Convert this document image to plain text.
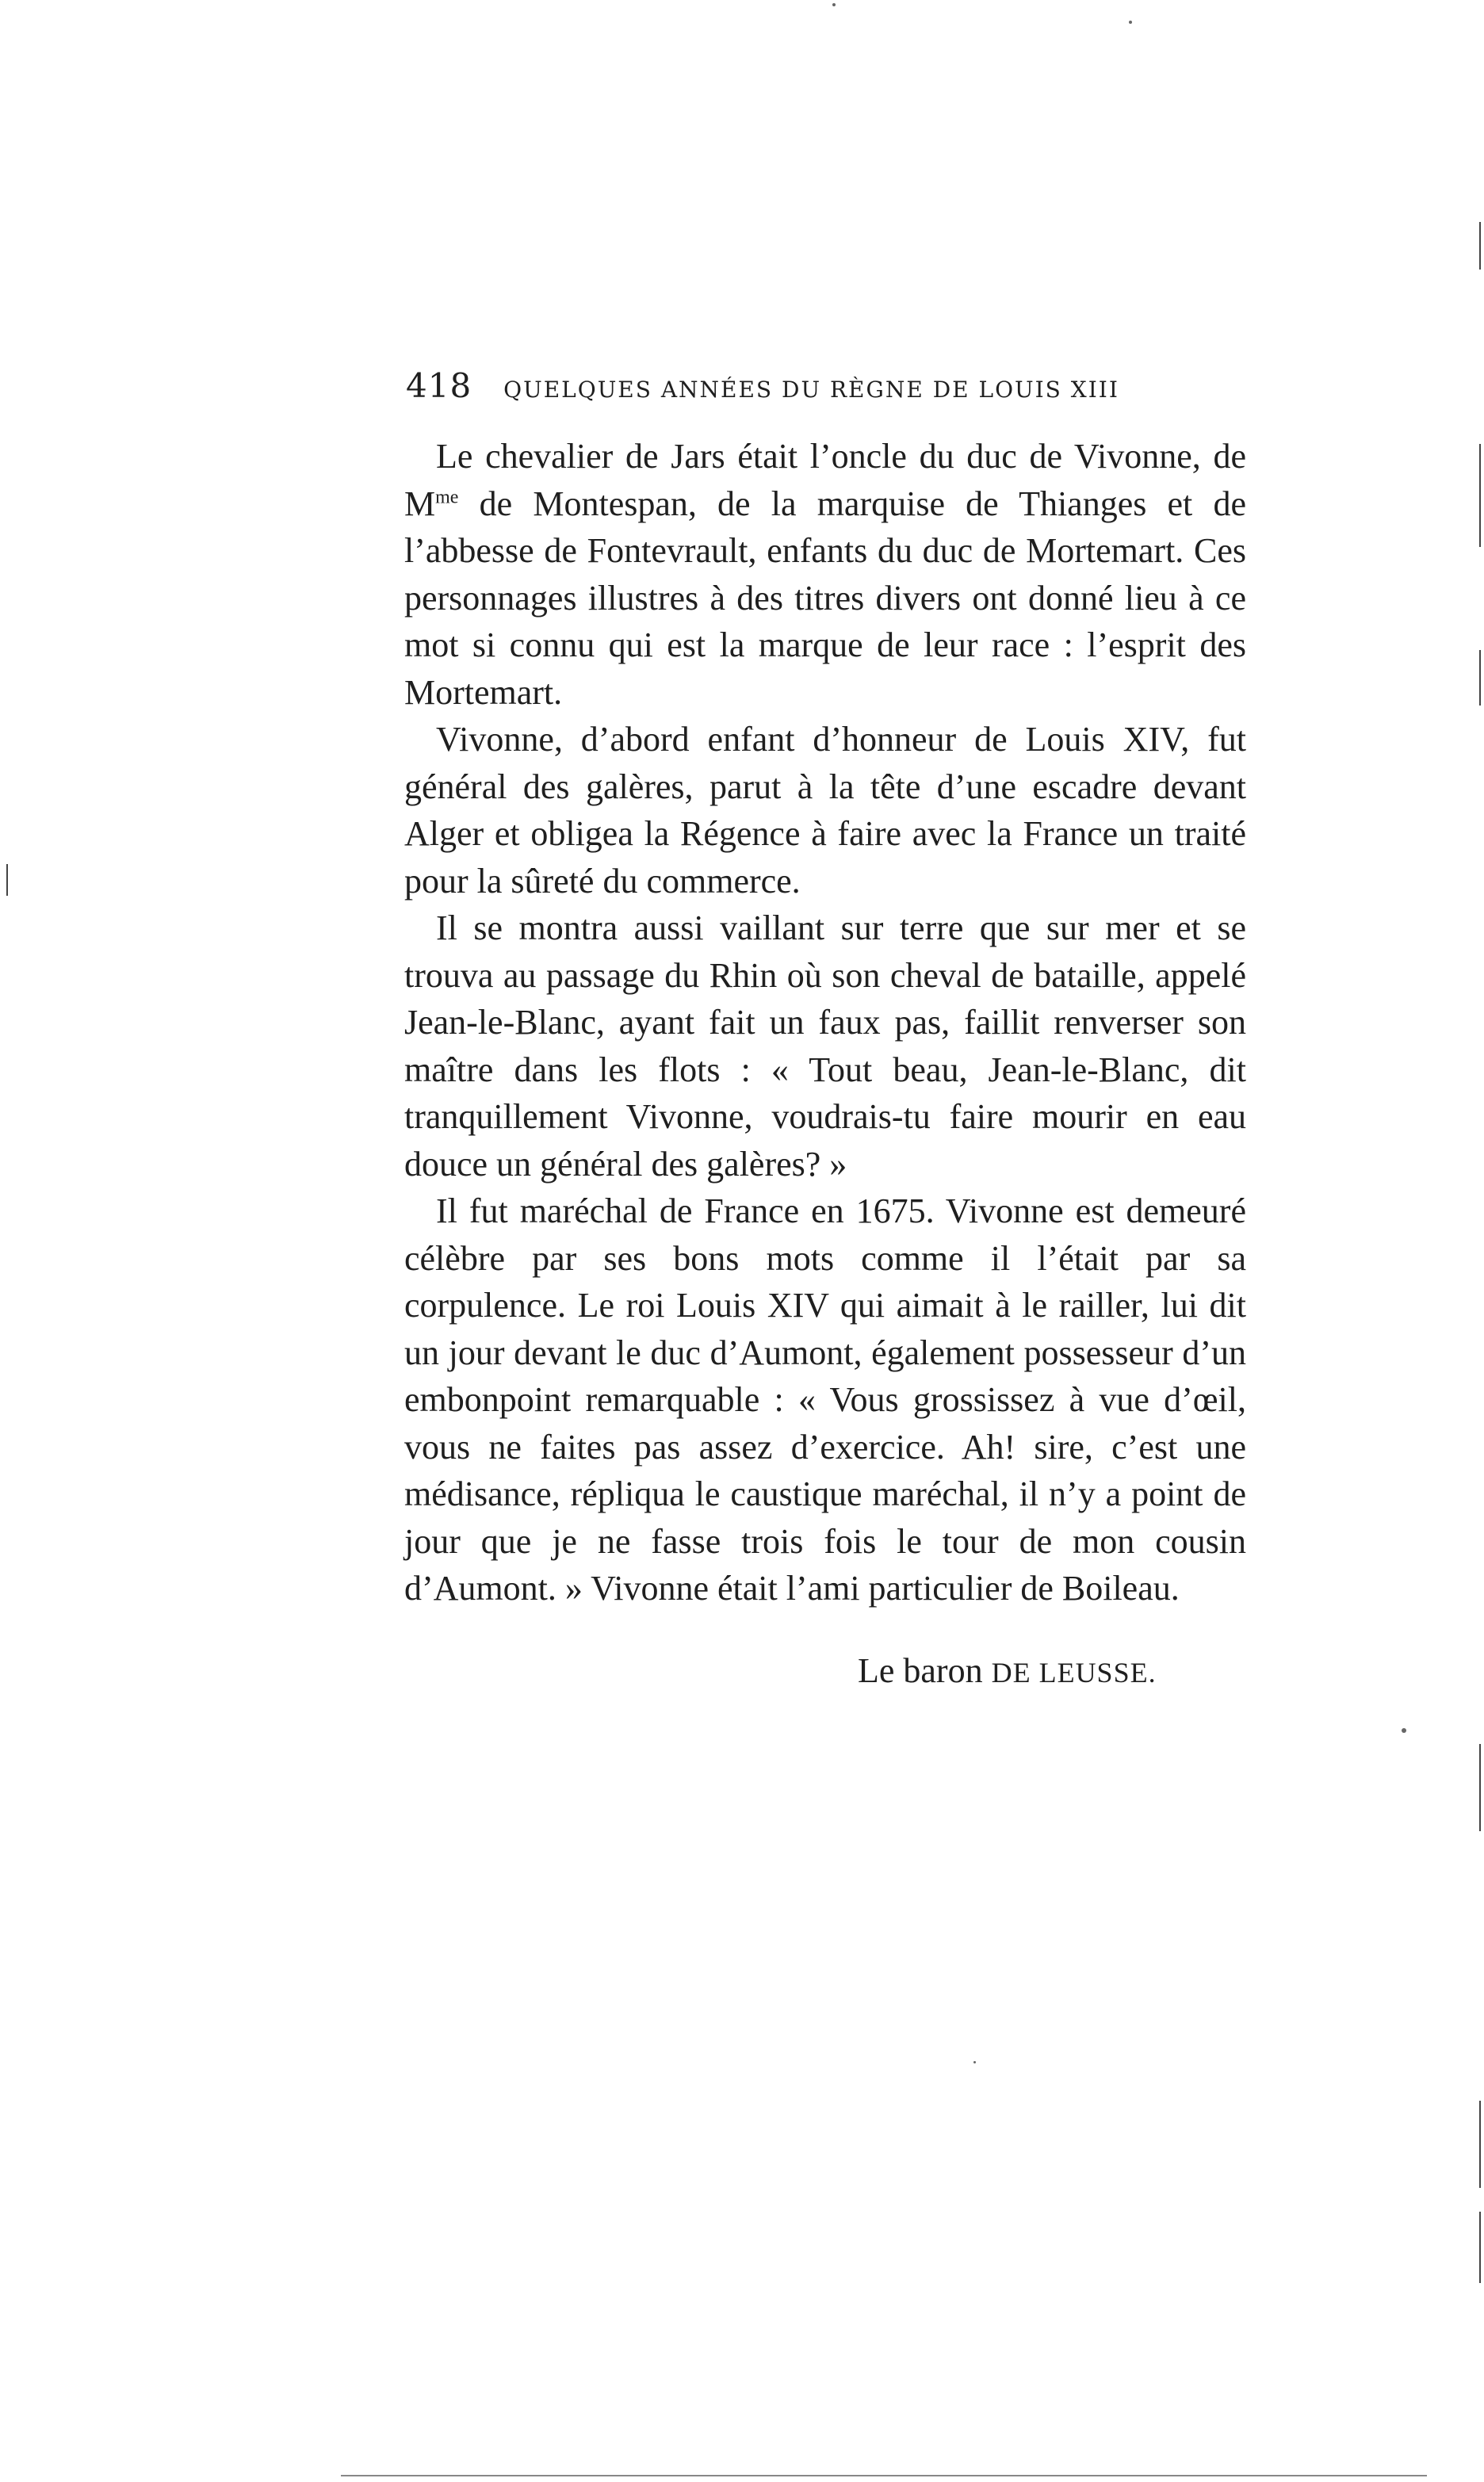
418 QUELQUES ANNÉES DU RÈGNE DE LOUIS XIII

Le chevalier de Jars était l’oncle du duc de Vivonne, de $M^{me}$ de Montespan, de la marquise de Thianges et de l’abbesse de Fontevrault, enfants du duc de Mortemart. Ces personnages illustres à des titres divers ont donné lieu à ce mot si connu qui est la marque de leur race : l’esprit des Mortemart.

Vivonne, d’abord enfant d’honneur de Louis XIV, fut général des galères, parut à la tête d’une escadre devant Alger et obligea la Régence à faire avec la France un traité pour la sûreté du commerce.

Il se montra aussi vaillant sur terre que sur mer et se trouva au passage du Rhin où son cheval de bataille, appelé Jean-le-Blanc, ayant fait un faux pas, faillit renverser son maître dans les flots : « Tout beau, Jean-le-Blanc, dit tranquillement Vivonne, voudrais-tu faire mourir en eau douce un général des galères? »

Il fut maréchal de France en 1675. Vivonne est demeuré célèbre par ses bons mots comme il l’était par sa corpulence. Le roi Louis XIV qui aimait à le railler, lui dit un jour devant le duc d’Aumont, également possesseur d’un embonpoint remarquable : « Vous grossissez à vue d’œil, vous ne faites pas assez d’exercice. Ah! sire, c’est une médisance, répliqua le caustique maréchal, il n’y a point de jour que je ne fasse trois fois le tour de mon cousin d’Aumont. » Vivonne était l’ami particulier de Boileau.

Le baron DE LEUSSE.
